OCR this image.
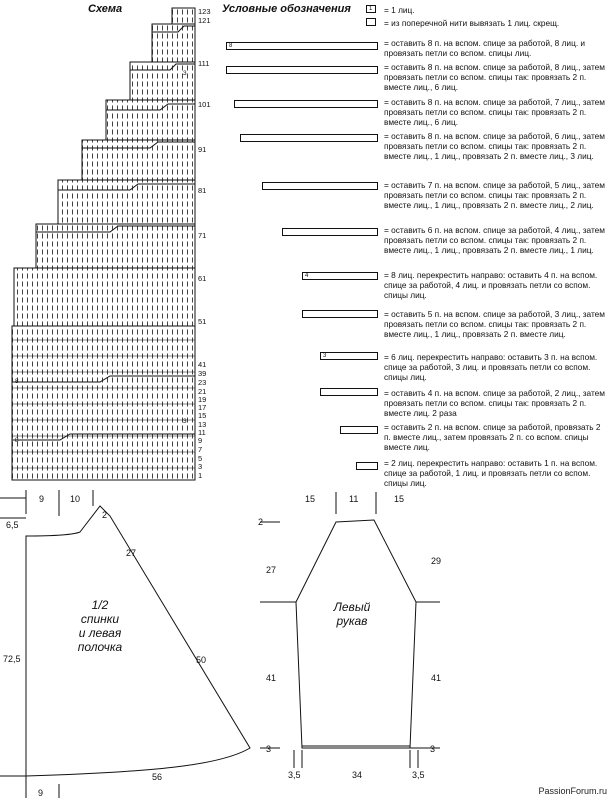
Схема
8
3
3
8
123
121
111
101
91
81
71
61
51
41
39
23
21
19
17
15
13
11
9
7
5
3
1
Условные обозначения	1 = 1 лиц.
= из поперечной нити вывязать 1 лиц. скрещ.
8	= оставить 8 п. на вспом. спице за работой, 8 лиц. и провязать петли со вспом. спицы лиц.
= оставить 8 п. на вспом. спице за работой, 8 лиц., затем провязать петли со вспом. спицы так: провязать 2 п. вместе лиц., 6 лиц.
= оставить 8 п. на вспом. спице за работой, 7 лиц., затем провязать петли со вспом. спицы так: провязать 2 п. вместе лиц., 6 лиц.
= оставить 8 п. на вспом. спице за работой, 6 лиц., затем провязать петли со вспом. спицы так: провязать 2 п. вместе лиц., 1 лиц., провязать 2 п. вместе лиц., 3 лиц.
= оставить 7 п. на вспом. спице за работой, 5 лиц., затем провязать петли со вспом. спицы так: провязать 2 п. вместе лиц., 1 лиц., провязать 2 п. вместе лиц., 2 лиц.
= оставить 6 п. на вспом. спице за работой, 4 лиц., затем провязать петли со вспом. спицы так: провязать 2 п. вместе лиц., 1 лиц., провязать 2 п. вместе лиц., 1 лиц.
4	= 8 лиц. перекрестить направо: оставить 4 п. на вспом. спице за работой, 4 лиц. и провязать петли со вспом. спицы лиц.
= оставить 5 п. на вспом. спице за работой, 3 лиц., затем провязать петли со вспом. спицы так: провязать 2 п. вместе лиц., 1 лиц., провязать 2 п. вместе лиц.
3	= 6 лиц. перекрестить направо: оставить 3 п. на вспом. спице за работой, 3 лиц. и провязать петли со вспом. спицы лиц.
= оставить 4 п. на вспом. спице за работой, 2 лиц., затем провязать петли со вспом. спицы так: провязать 2 п. вместе лиц. 2 раза
= оставить 2 п. на вспом. спице за работой, провязать 2 п. вместе лиц., затем провязать 2 п. со вспом. спицы вместе лиц.
= 2 лиц. перекрестить направо: оставить 1 п. на вспом. спице за работой, 1 лиц. и провязать петли со вспом. спицы лиц.
9	10
2
6,5
27
72,5	50
56
9
1/2
спинки
и левая
полочка
15	11	15
2
27
29
41	41
3	3
3,5	34	3,5
Левый
рукав
PassionForum.ru
